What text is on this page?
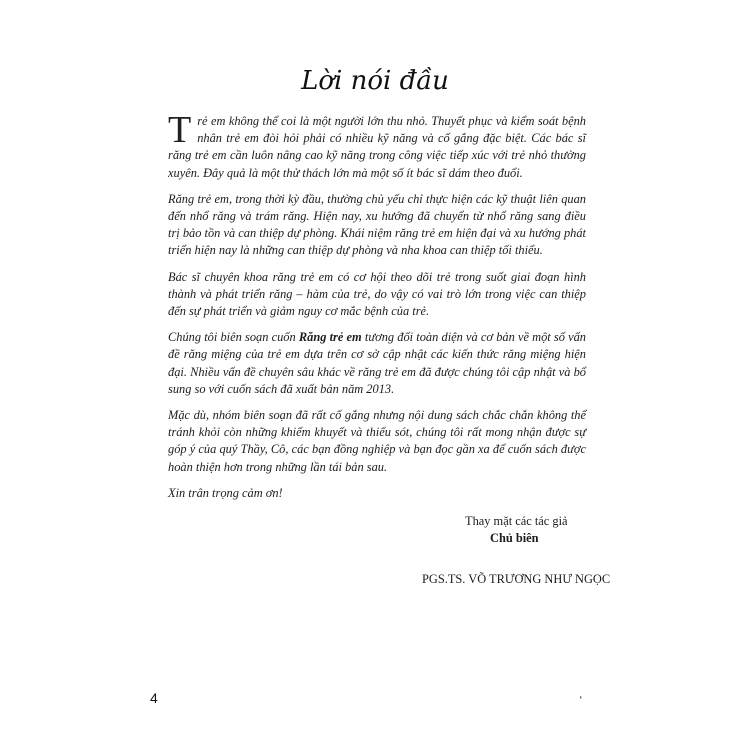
Lời nói đầu

Trẻ em không thể coi là một người lớn thu nhỏ. Thuyết phục và kiểm soát bệnh nhân trẻ em đòi hỏi phải có nhiều kỹ năng và cố gắng đặc biệt. Các bác sĩ răng trẻ em cần luôn nâng cao kỹ năng trong công việc tiếp xúc với trẻ nhỏ thường xuyên. Đây quả là một thử thách lớn mà một số ít bác sĩ dám theo đuổi.

Răng trẻ em, trong thời kỳ đầu, thường chủ yếu chỉ thực hiện các kỹ thuật liên quan đến nhổ răng và trám răng. Hiện nay, xu hướng đã chuyển từ nhổ răng sang điều trị bảo tồn và can thiệp dự phòng. Khái niệm răng trẻ em hiện đại và xu hướng phát triển hiện nay là những can thiệp dự phòng và nha khoa can thiệp tối thiểu.

Bác sĩ chuyên khoa răng trẻ em có cơ hội theo dõi trẻ trong suốt giai đoạn hình thành và phát triển răng – hàm của trẻ, do vậy có vai trò lớn trong việc can thiệp đến sự phát triển và giảm nguy cơ mắc bệnh của trẻ.

Chúng tôi biên soạn cuốn Răng trẻ em tương đối toàn diện và cơ bản về một số vấn đề răng miệng của trẻ em dựa trên cơ sở cập nhật các kiến thức răng miệng hiện đại. Nhiều vấn đề chuyên sâu khác về răng trẻ em đã được chúng tôi cập nhật và bổ sung so với cuốn sách đã xuất bản năm 2013.

Mặc dù, nhóm biên soạn đã rất cố gắng nhưng nội dung sách chắc chắn không thể tránh khỏi còn những khiếm khuyết và thiếu sót, chúng tôi rất mong nhận được sự góp ý của quý Thầy, Cô, các bạn đồng nghiệp và bạn đọc gần xa để cuốn sách được hoàn thiện hơn trong những lần tái bản sau.

Xin trân trọng cảm ơn!

Thay mặt các tác giả
Chủ biên
PGS.TS. VÕ TRƯƠNG NHƯ NGỌC
4	ʻ
